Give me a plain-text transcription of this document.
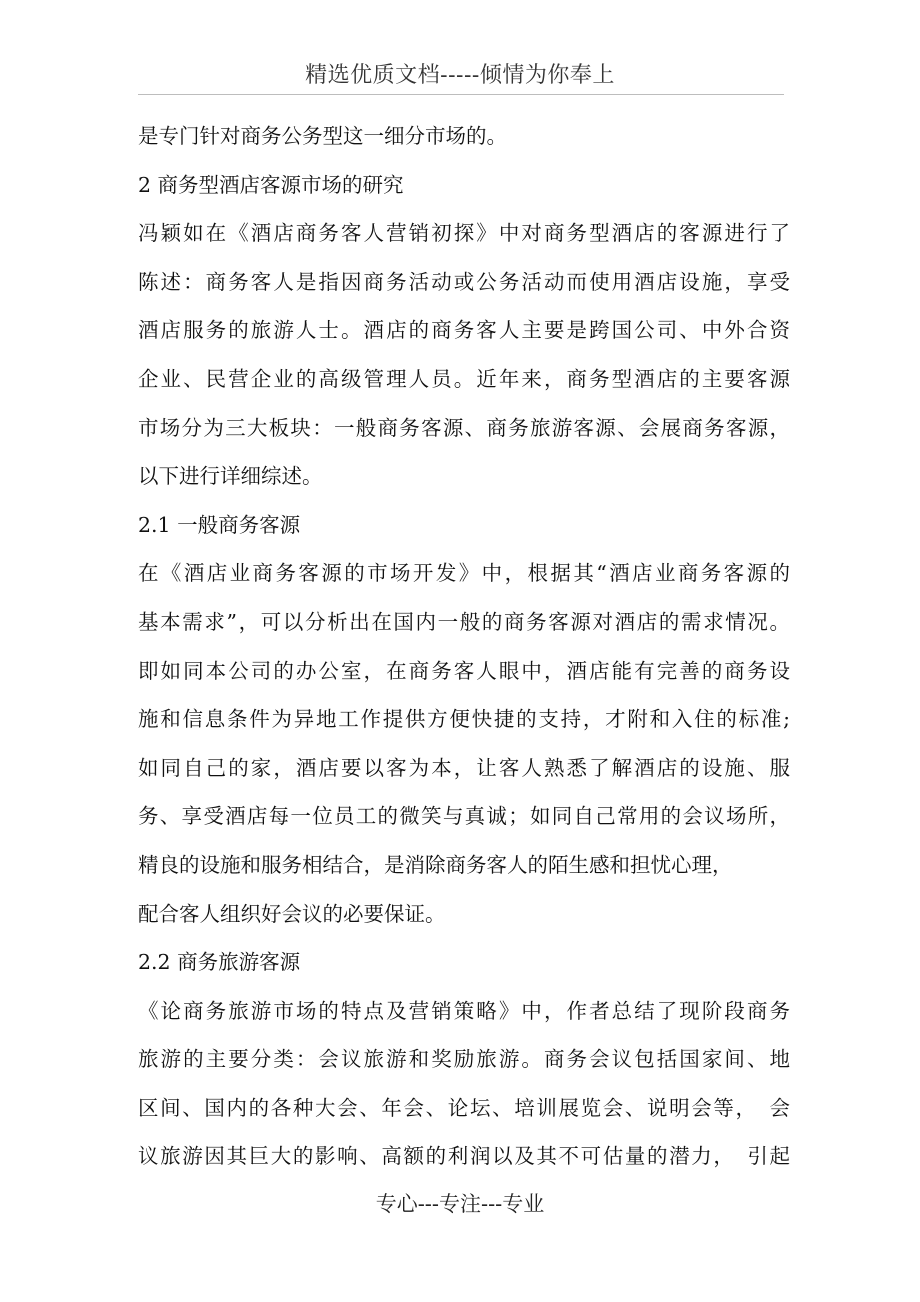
精选优质文档-----倾情为你奉上
是专门针对商务公务型这一细分市场的。
2 商务型酒店客源市场的研究
冯颖如在《酒店商务客人营销初探》中对商务型酒店的客源进行了
陈述：商务客人是指因商务活动或公务活动而使用酒店设施，享受
酒店服务的旅游人士。酒店的商务客人主要是跨国公司、中外合资
企业、民营企业的高级管理人员。近年来，商务型酒店的主要客源
市场分为三大板块：一般商务客源、商务旅游客源、会展商务客源，
以下进行详细综述。
2.1 一般商务客源
在《酒店业商务客源的市场开发》中，根据其“酒店业商务客源的
基本需求”，可以分析出在国内一般的商务客源对酒店的需求情况。
即如同本公司的办公室，在商务客人眼中，酒店能有完善的商务设
施和信息条件为异地工作提供方便快捷的支持，才附和入住的标准;
如同自己的家，酒店要以客为本，让客人熟悉了解酒店的设施、服
务、享受酒店每一位员工的微笑与真诚；如同自己常用的会议场所，
精良的设施和服务相结合，是消除商务客人的陌生感和担忧心理，
配合客人组织好会议的必要保证。
2.2 商务旅游客源
《论商务旅游市场的特点及营销策略》中，作者总结了现阶段商务
旅游的主要分类：会议旅游和奖励旅游。商务会议包括国家间、地
区间、国内的各种大会、年会、论坛、培训展览会、说明会等，　会
议旅游因其巨大的影响、高额的利润以及其不可估量的潜力，　引起
专心---专注---专业
